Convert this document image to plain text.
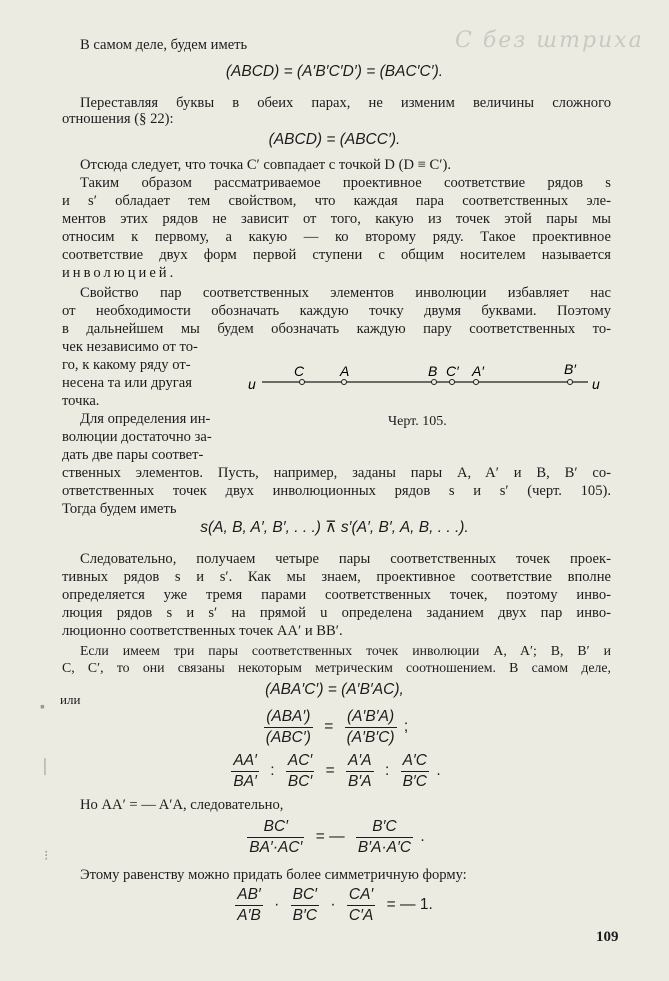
С без штриха
В самом деле, будем иметь
(ABCD) = (A′B′C′D′) = (BAC′C′).
Переставляя буквы в обеих парах, не изменим величины сложного
отношения (§ 22):
(ABCD) = (ABCC′).
Отсюда следует, что точка C′ совпадает с точкой D (D ≡ C′).
Таким образом рассматриваемое проективное соответствие рядов s
и s′ обладает тем свойством, что каждая пара соответственных эле-
ментов этих рядов не зависит от того, какую из точек этой пары мы
относим к первому, а какую — ко второму ряду. Такое проективное
соответствие двух форм первой ступени с общим носителем называется
инволюцией.
Свойство пар соответственных элементов инволюции избавляет нас
от необходимости обозначать каждую точку двумя буквами. Поэтому
в дальнейшем мы будем обозначать каждую пару соответственных то-
чек независимо от то-
го, к какому ряду от-
несена та или другая
точка.
Для определения ин-
волюции достаточно за-
дать две пары соответ-
ственных элементов. Пусть, например, заданы пары A, A′ и B, B′ со-
ответственных точек двух инволюционных рядов s и s′ (черт. 105).
Тогда будем иметь
u	u
C	A	B C′ A′	B′
Черт. 105.
s(A, B, A′, B′, . . .) ⊼ s′(A′, B′, A, B, . . .).
Следовательно, получаем четыре пары соответственных точек проек-
тивных рядов s и s′. Как мы знаем, проективное соответствие вполне
определяется уже тремя парами соответственных точек, поэтому инво-
люция рядов s и s′ на прямой u определена заданием двух пар инво-
люционно соответственных точек AA′ и BB′.
Если имеем три пары соответственных точек инволюции A, A′; B, B′ и
C, C′, то они связаны некоторым метрическим соотношением. В самом деле,
(ABA′C′) = (A′B′AC),
или
$\frac{\text{(ABA′)}}{\text{(ABC′)}} = \frac{(A'B'A)}{(A'B'C)}$ ;
$\frac{AA'}{BA'}$ : $\frac{AC'}{BC'} = \frac{A'A}{B'A}$ : $\frac{A'C}{B'C}$ .
Но AA′ = — A′A, следовательно,
$\frac{BC'}{BA'\cdot AC'}$ = — $\frac{B'C}{B'A\cdot A'C}$ .
Этому равенству можно придать более симметричную форму:
$\frac{AB'}{A'B} \cdot \frac{BC'}{B'C} \cdot \frac{CA'}{C'A}$ = — 1.
109
▪
│
⁝
